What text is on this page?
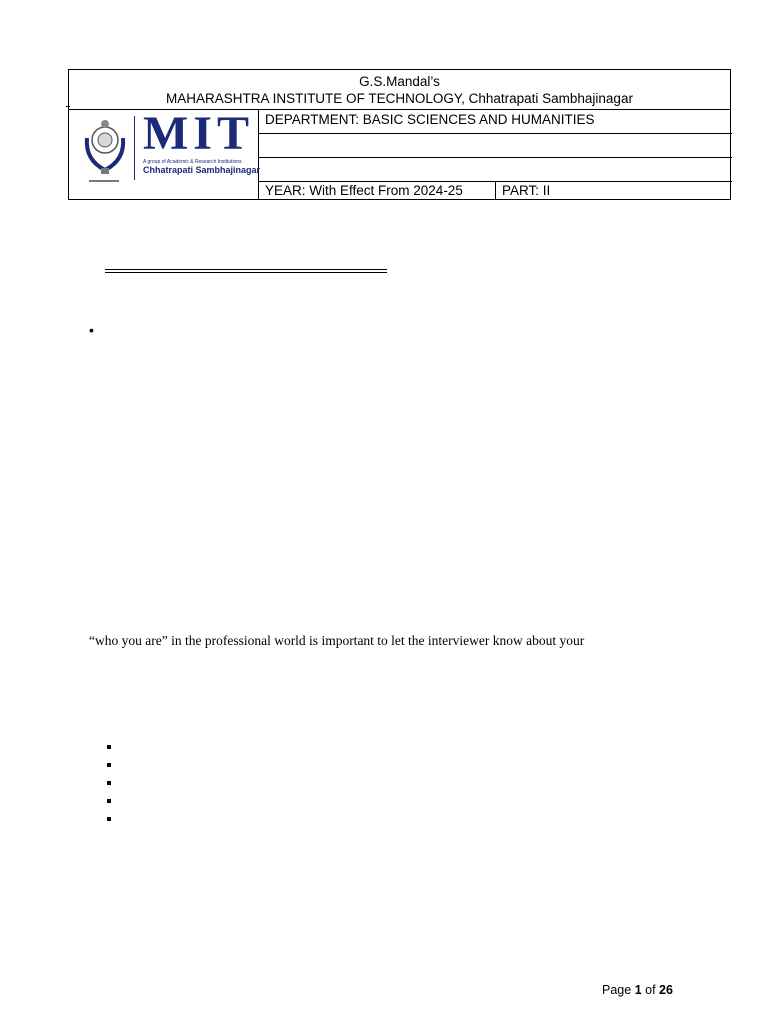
G.S.Mandal’s
MAHARASHTRA INSTITUTE OF TECHNOLOGY, Chhatrapati Sambhajinagar
MIT
A group of Academic & Research Institutions
Chhatrapati Sambhajinagar
DEPARTMENT: BASIC SCIENCES AND HUMANITIES
YEAR: With Effect From 2024-25	PART: II
•
“who you are” in the professional world is important to let the interviewer know about your
Page 1 of 26
